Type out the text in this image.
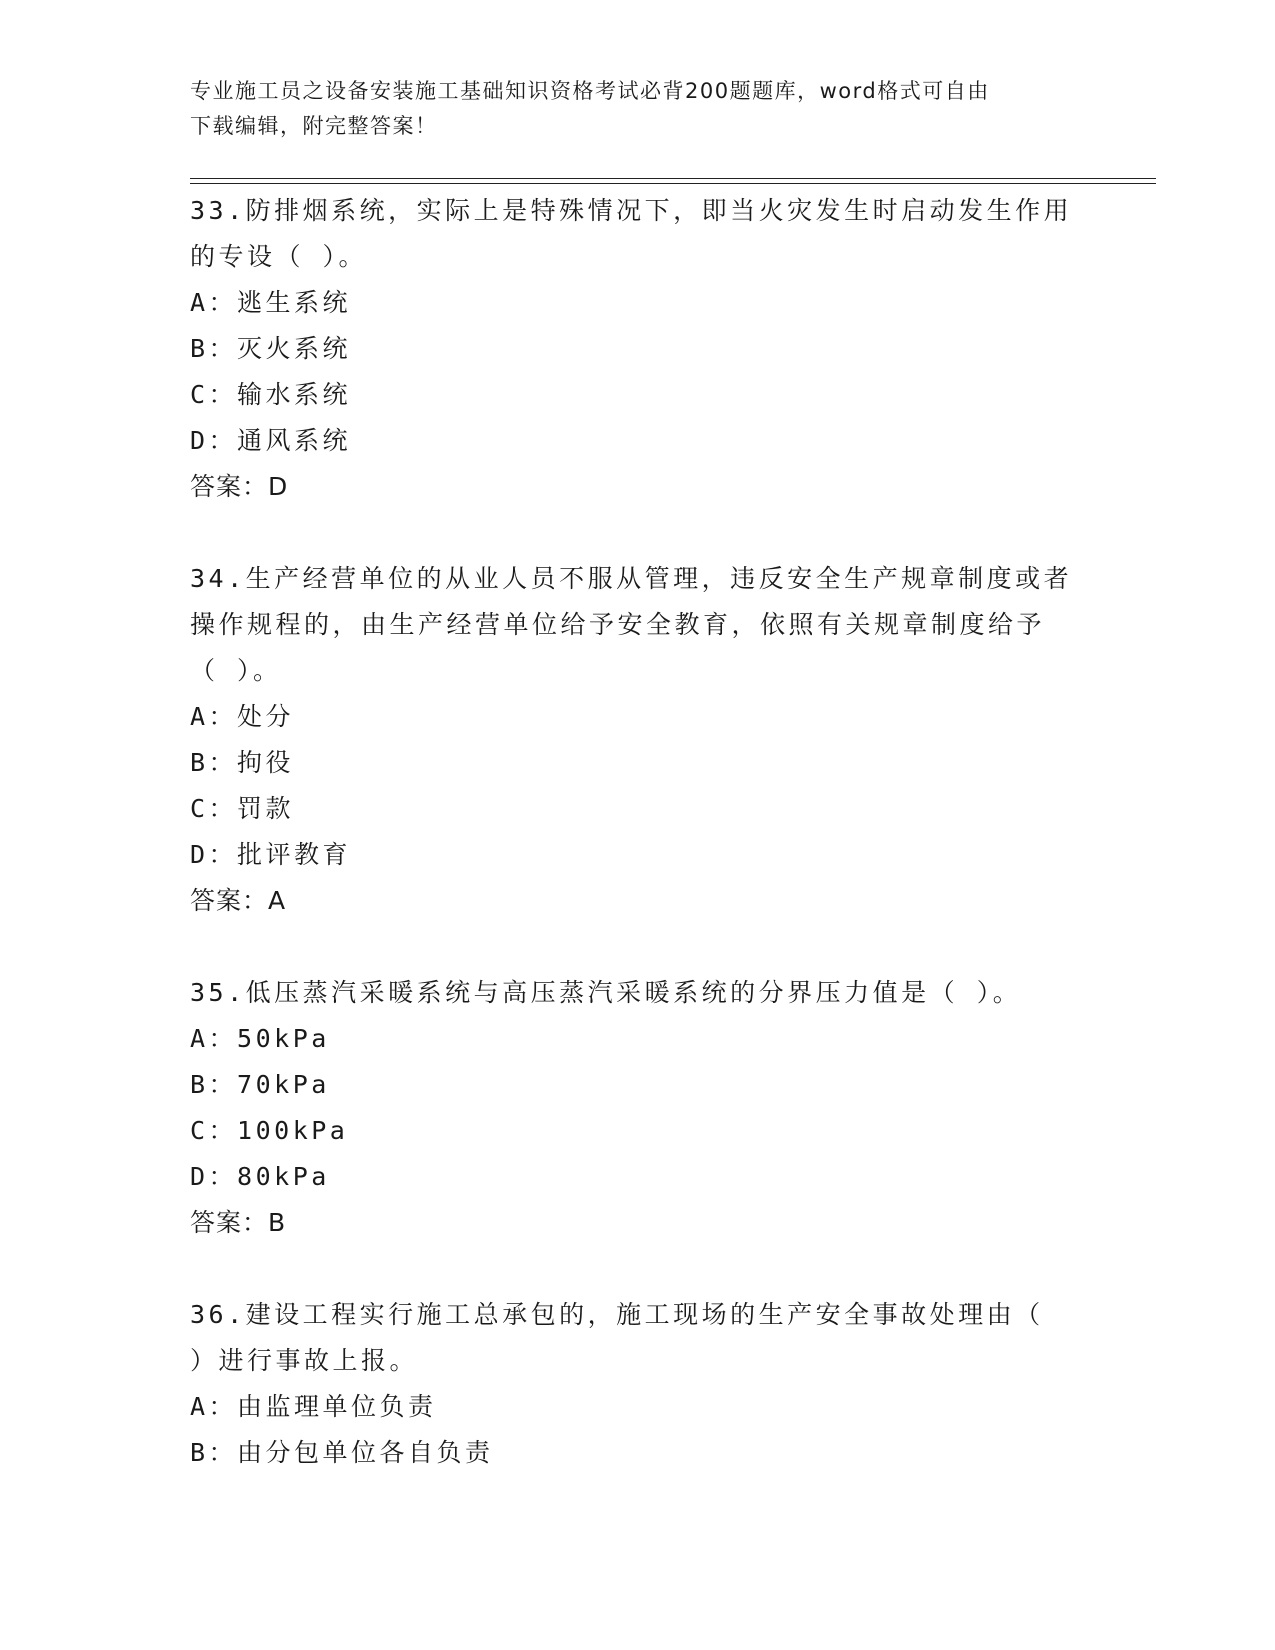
专业施工员之设备安装施工基础知识资格考试必背200题题库，word格式可自由
下载编辑，附完整答案！
33.防排烟系统，实际上是特殊情况下，即当火灾发生时启动发生作用
的专设（ ）。
A：逃生系统
B：灭火系统
C：输水系统
D：通风系统
答案：D
34.生产经营单位的从业人员不服从管理，违反安全生产规章制度或者
操作规程的，由生产经营单位给予安全教育，依照有关规章制度给予
（ ）。
A：处分
B：拘役
C：罚款
D：批评教育
答案：A
35.低压蒸汽采暖系统与高压蒸汽采暖系统的分界压力值是（ ）。
A：50kPa
B：70kPa
C：100kPa
D：80kPa
答案：B
36.建设工程实行施工总承包的，施工现场的生产安全事故处理由（
）进行事故上报。
A：由监理单位负责
B：由分包单位各自负责
